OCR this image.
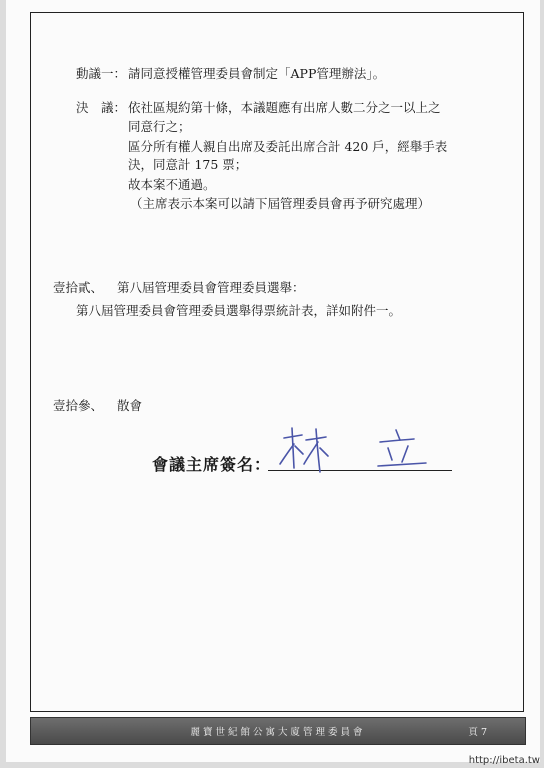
動議一： 請同意授權管理委員會制定「APP管理辦法」。
決　議： 依社區規約第十條，本議題應有出席人數二分之一以上之
同意行之；
區分所有權人親自出席及委託出席合計 420 戶，經舉手表
決，同意計 175 票；
故本案不通過。
（主席表示本案可以請下屆管理委員會再予研究處理）
壹拾貳、 第八屆管理委員會管理委員選舉：
第八屆管理委員會管理委員選舉得票統計表，詳如附件一。
壹拾參、 散會
會議主席簽名：
麗寶世紀館公寓大廈管理委員會	頁 7
http://ibeta.tw
